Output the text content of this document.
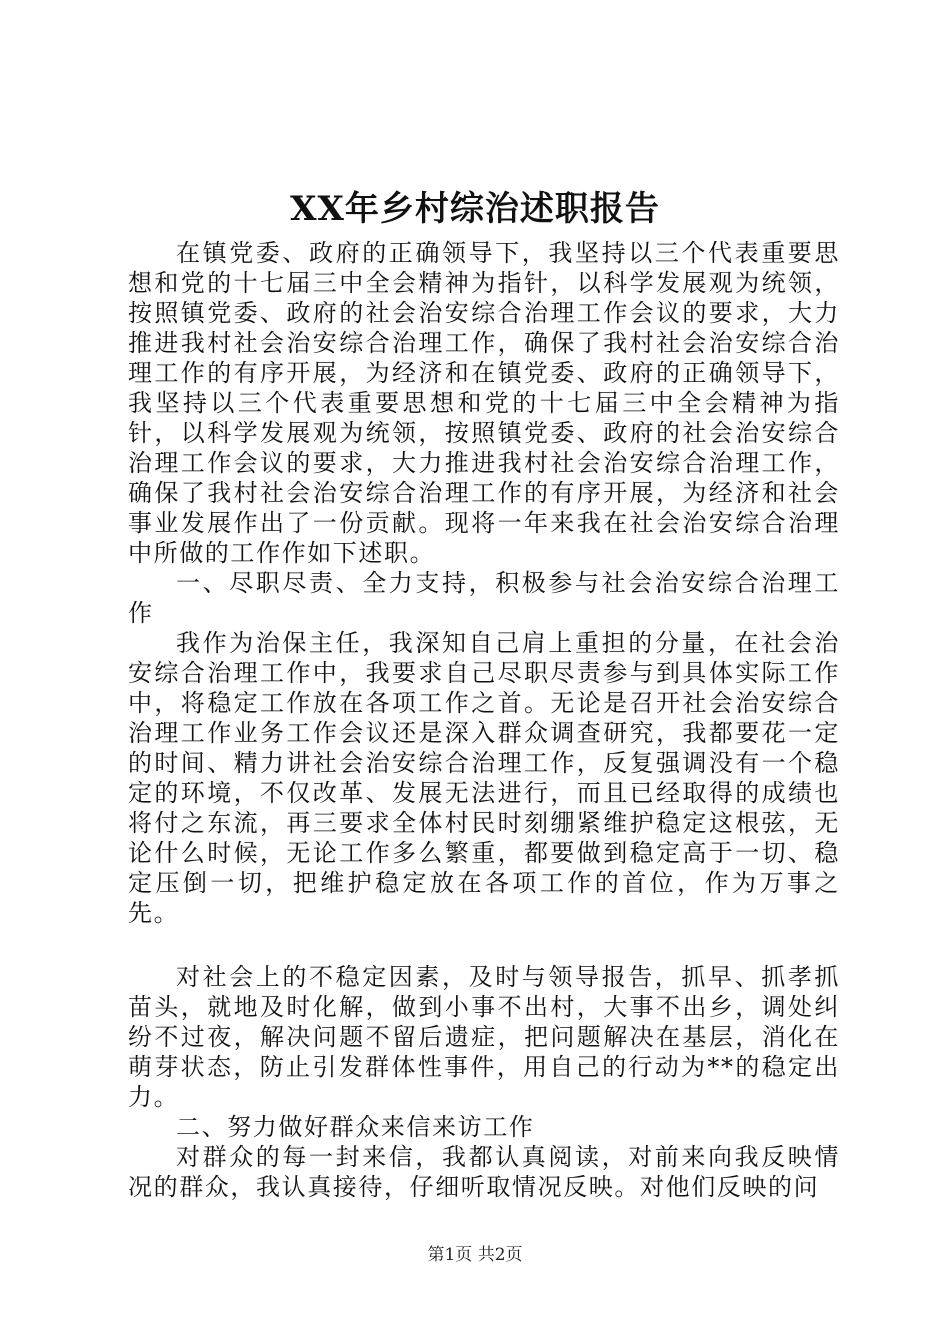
XX年乡村综治述职报告

在镇党委、政府的正确领导下，我坚持以三个代表重要思想和党的十七届三中全会精神为指针，以科学发展观为统领，按照镇党委、政府的社会治安综合治理工作会议的要求，大力推进我村社会治安综合治理工作，确保了我村社会治安综合治理工作的有序开展，为经济和在镇党委、政府的正确领导下，我坚持以三个代表重要思想和党的十七届三中全会精神为指针，以科学发展观为统领，按照镇党委、政府的社会治安综合治理工作会议的要求，大力推进我村社会治安综合治理工作，确保了我村社会治安综合治理工作的有序开展，为经济和社会事业发展作出了一份贡献。现将一年来我在社会治安综合治理中所做的工作作如下述职。

一、尽职尽责、全力支持，积极参与社会治安综合治理工作

我作为治保主任，我深知自己肩上重担的分量，在社会治安综合治理工作中，我要求自己尽职尽责参与到具体实际工作中，将稳定工作放在各项工作之首。无论是召开社会治安综合治理工作业务工作会议还是深入群众调查研究，我都要花一定的时间、精力讲社会治安综合治理工作，反复强调没有一个稳定的环境，不仅改革、发展无法进行，而且已经取得的成绩也将付之东流，再三要求全体村民时刻绷紧维护稳定这根弦，无论什么时候，无论工作多么繁重，都要做到稳定高于一切、稳定压倒一切，把维护稳定放在各项工作的首位，作为万事之先。

对社会上的不稳定因素，及时与领导报告，抓早、抓孝抓苗头，就地及时化解，做到小事不出村，大事不出乡，调处纠纷不过夜，解决问题不留后遗症，把问题解决在基层，消化在萌芽状态，防止引发群体性事件，用自己的行动为**的稳定出力。

二、努力做好群众来信来访工作

对群众的每一封来信，我都认真阅读，对前来向我反映情况的群众，我认真接待，仔细听取情况反映。对他们反映的问

第1页 共2页
